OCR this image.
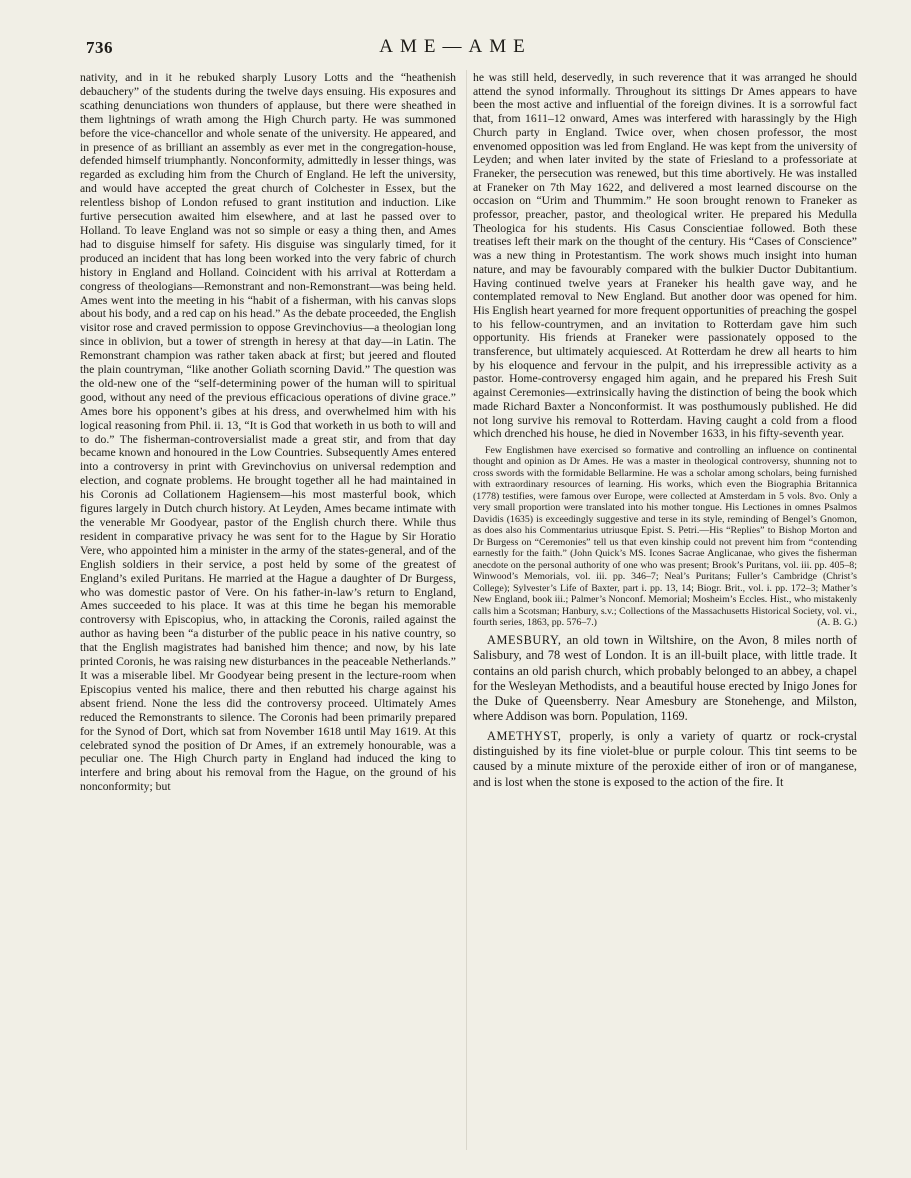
736	AME—AME

nativity, and in it he rebuked sharply Lusory Lotts and the “heathenish debauchery” of the students during the twelve days ensuing. His exposures and scathing denunciations won thunders of applause, but there were sheathed in them lightnings of wrath among the High Church party. He was summoned before the vice-chancellor and whole senate of the university. He appeared, and in presence of as brilliant an assembly as ever met in the congregation-house, defended himself triumphantly. Nonconformity, admittedly in lesser things, was regarded as excluding him from the Church of England. He left the university, and would have accepted the great church of Colchester in Essex, but the relentless bishop of London refused to grant institution and induction. Like furtive persecution awaited him elsewhere, and at last he passed over to Holland. To leave England was not so simple or easy a thing then, and Ames had to disguise himself for safety. His disguise was singularly timed, for it produced an incident that has long been worked into the very fabric of church history in England and Holland. Coincident with his arrival at Rotterdam a congress of theologians—Remonstrant and non-Remonstrant—was being held. Ames went into the meeting in his “habit of a fisherman, with his canvas slops about his body, and a red cap on his head.” As the debate proceeded, the English visitor rose and craved permission to oppose Grevinchovius—a theologian long since in oblivion, but a tower of strength in heresy at that day—in Latin. The Remonstrant champion was rather taken aback at first; but jeered and flouted the plain countryman, “like another Goliath scorning David.” The question was the old-new one of the “self-determining power of the human will to spiritual good, without any need of the previous efficacious operations of divine grace.” Ames bore his opponent’s gibes at his dress, and overwhelmed him with his logical reasoning from Phil. ii. 13, “It is God that worketh in us both to will and to do.” The fisherman-controversialist made a great stir, and from that day became known and honoured in the Low Countries. Subsequently Ames entered into a controversy in print with Grevinchovius on universal redemption and election, and cognate problems. He brought together all he had maintained in his Coronis ad Collationem Hagiensem—his most masterful book, which figures largely in Dutch church history. At Leyden, Ames became intimate with the venerable Mr Goodyear, pastor of the English church there. While thus resident in comparative privacy he was sent for to the Hague by Sir Horatio Vere, who appointed him a minister in the army of the states-general, and of the English soldiers in their service, a post held by some of the greatest of England’s exiled Puritans. He married at the Hague a daughter of Dr Burgess, who was domestic pastor of Vere. On his father-in-law’s return to England, Ames succeeded to his place. It was at this time he began his memorable controversy with Episcopius, who, in attacking the Coronis, railed against the author as having been “a disturber of the public peace in his native country, so that the English magistrates had banished him thence; and now, by his late printed Coronis, he was raising new disturbances in the peaceable Netherlands.” It was a miserable libel. Mr Goodyear being present in the lecture-room when Episcopius vented his malice, there and then rebutted his charge against his absent friend. None the less did the controversy proceed. Ultimately Ames reduced the Remonstrants to silence. The Coronis had been primarily prepared for the Synod of Dort, which sat from November 1618 until May 1619. At this celebrated synod the position of Dr Ames, if an extremely honourable, was a peculiar one. The High Church party in England had induced the king to interfere and bring about his removal from the Hague, on the ground of his nonconformity; but

he was still held, deservedly, in such reverence that it was arranged he should attend the synod informally. Throughout its sittings Dr Ames appears to have been the most active and influential of the foreign divines. It is a sorrowful fact that, from 1611–12 onward, Ames was interfered with harassingly by the High Church party in England. Twice over, when chosen professor, the most envenomed opposition was led from England. He was kept from the university of Leyden; and when later invited by the state of Friesland to a professoriate at Franeker, the persecution was renewed, but this time abortively. He was installed at Franeker on 7th May 1622, and delivered a most learned discourse on the occasion on “Urim and Thummim.” He soon brought renown to Franeker as professor, preacher, pastor, and theological writer. He prepared his Medulla Theologica for his students. His Casus Conscientiae followed. Both these treatises left their mark on the thought of the century. His “Cases of Conscience” was a new thing in Protestantism. The work shows much insight into human nature, and may be favourably compared with the bulkier Ductor Dubitantium. Having continued twelve years at Franeker his health gave way, and he contemplated removal to New England. But another door was opened for him. His English heart yearned for more frequent opportunities of preaching the gospel to his fellow-countrymen, and an invitation to Rotterdam gave him such opportunity. His friends at Franeker were passionately opposed to the transference, but ultimately acquiesced. At Rotterdam he drew all hearts to him by his eloquence and fervour in the pulpit, and his irrepressible activity as a pastor. Home-controversy engaged him again, and he prepared his Fresh Suit against Ceremonies—extrinsically having the distinction of being the book which made Richard Baxter a Nonconformist. It was posthumously published. He did not long survive his removal to Rotterdam. Having caught a cold from a flood which drenched his house, he died in November 1633, in his fifty-seventh year.

Few Englishmen have exercised so formative and controlling an influence on continental thought and opinion as Dr Ames. He was a master in theological controversy, shunning not to cross swords with the formidable Bellarmine. He was a scholar among scholars, being furnished with extraordinary resources of learning. His works, which even the Biographia Britannica (1778) testifies, were famous over Europe, were collected at Amsterdam in 5 vols. 8vo. Only a very small proportion were translated into his mother tongue. His Lectiones in omnes Psalmos Davidis (1635) is exceedingly suggestive and terse in its style, reminding of Bengel’s Gnomon, as does also his Commentarius utriusque Epist. S. Petri.—His “Replies” to Bishop Morton and Dr Burgess on “Ceremonies” tell us that even kinship could not prevent him from “contending earnestly for the faith.” (John Quick’s MS. Icones Sacrae Anglicanae, who gives the fisherman anecdote on the personal authority of one who was present; Brook’s Puritans, vol. iii. pp. 405–8; Winwood’s Memorials, vol. iii. pp. 346–7; Neal’s Puritans; Fuller’s Cambridge (Christ’s College); Sylvester’s Life of Baxter, part i. pp. 13, 14; Biogr. Brit., vol. i. pp. 172–3; Mather’s New England, book iii.; Palmer’s Nonconf. Memorial; Mosheim’s Eccles. Hist., who mistakenly calls him a Scotsman; Hanbury, s.v.; Collections of the Massachusetts Historical Society, vol. vi., fourth series, 1863, pp. 576–7.)	(A. B. G.)

AMESBURY, an old town in Wiltshire, on the Avon, 8 miles north of Salisbury, and 78 west of London. It is an ill-built place, with little trade. It contains an old parish church, which probably belonged to an abbey, a chapel for the Wesleyan Methodists, and a beautiful house erected by Inigo Jones for the Duke of Queensberry. Near Amesbury are Stonehenge, and Milston, where Addison was born. Population, 1169.

AMETHYST, properly, is only a variety of quartz or rock-crystal distinguished by its fine violet-blue or purple colour. This tint seems to be caused by a minute mixture of the peroxide either of iron or of manganese, and is lost when the stone is exposed to the action of the fire. It
